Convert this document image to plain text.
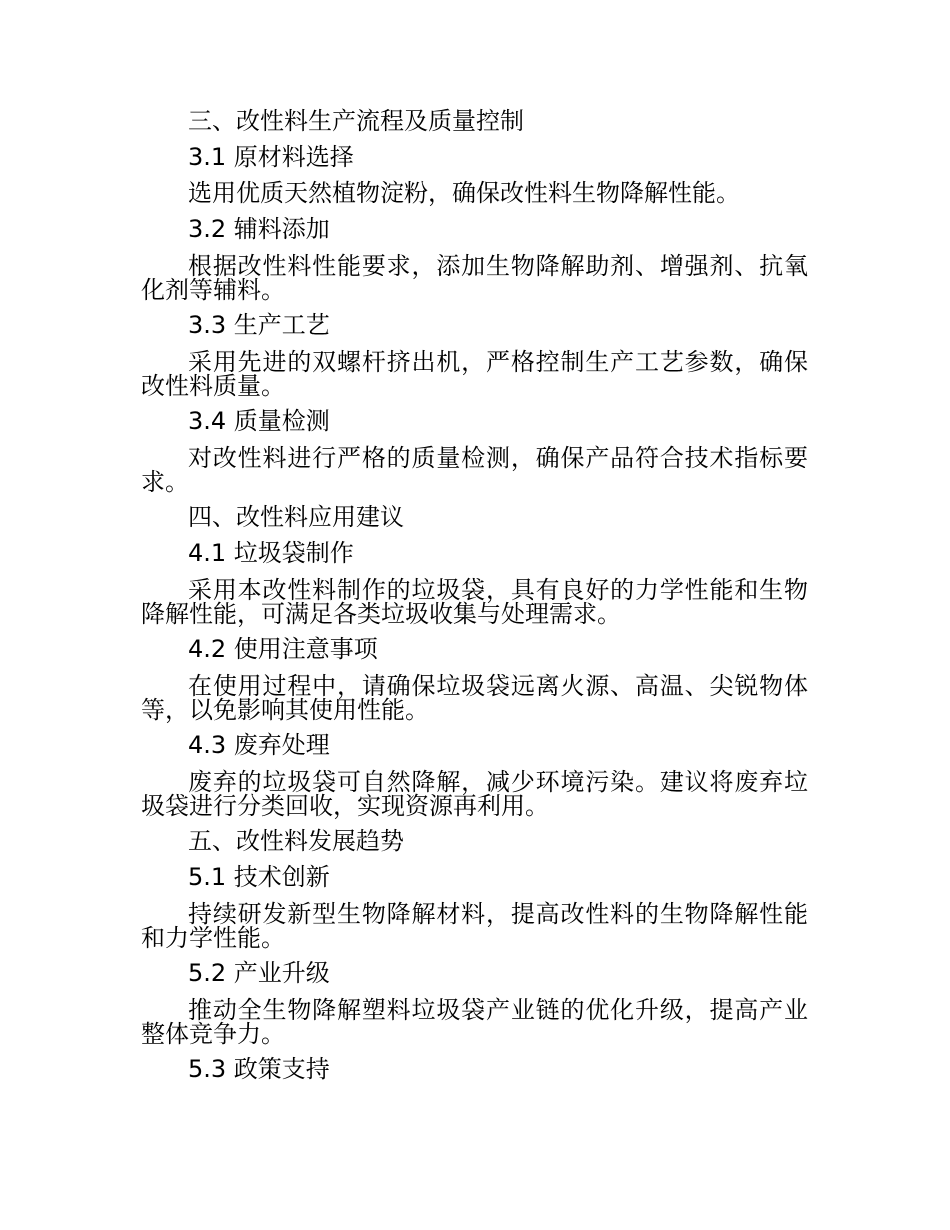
三、改性料生产流程及质量控制

3.1 原材料选择

选用优质天然植物淀粉，确保改性料生物降解性能。

3.2 辅料添加

根据改性料性能要求，添加生物降解助剂、增强剂、抗氧化剂等辅料。

3.3 生产工艺

采用先进的双螺杆挤出机，严格控制生产工艺参数，确保改性料质量。

3.4 质量检测

对改性料进行严格的质量检测，确保产品符合技术指标要求。

四、改性料应用建议

4.1 垃圾袋制作

采用本改性料制作的垃圾袋，具有良好的力学性能和生物降解性能，可满足各类垃圾收集与处理需求。

4.2 使用注意事项

在使用过程中，请确保垃圾袋远离火源、高温、尖锐物体等，以免影响其使用性能。

4.3 废弃处理

废弃的垃圾袋可自然降解，减少环境污染。建议将废弃垃圾袋进行分类回收，实现资源再利用。

五、改性料发展趋势

5.1 技术创新

持续研发新型生物降解材料，提高改性料的生物降解性能和力学性能。

5.2 产业升级

推动全生物降解塑料垃圾袋产业链的优化升级，提高产业整体竞争力。

5.3 政策支持
